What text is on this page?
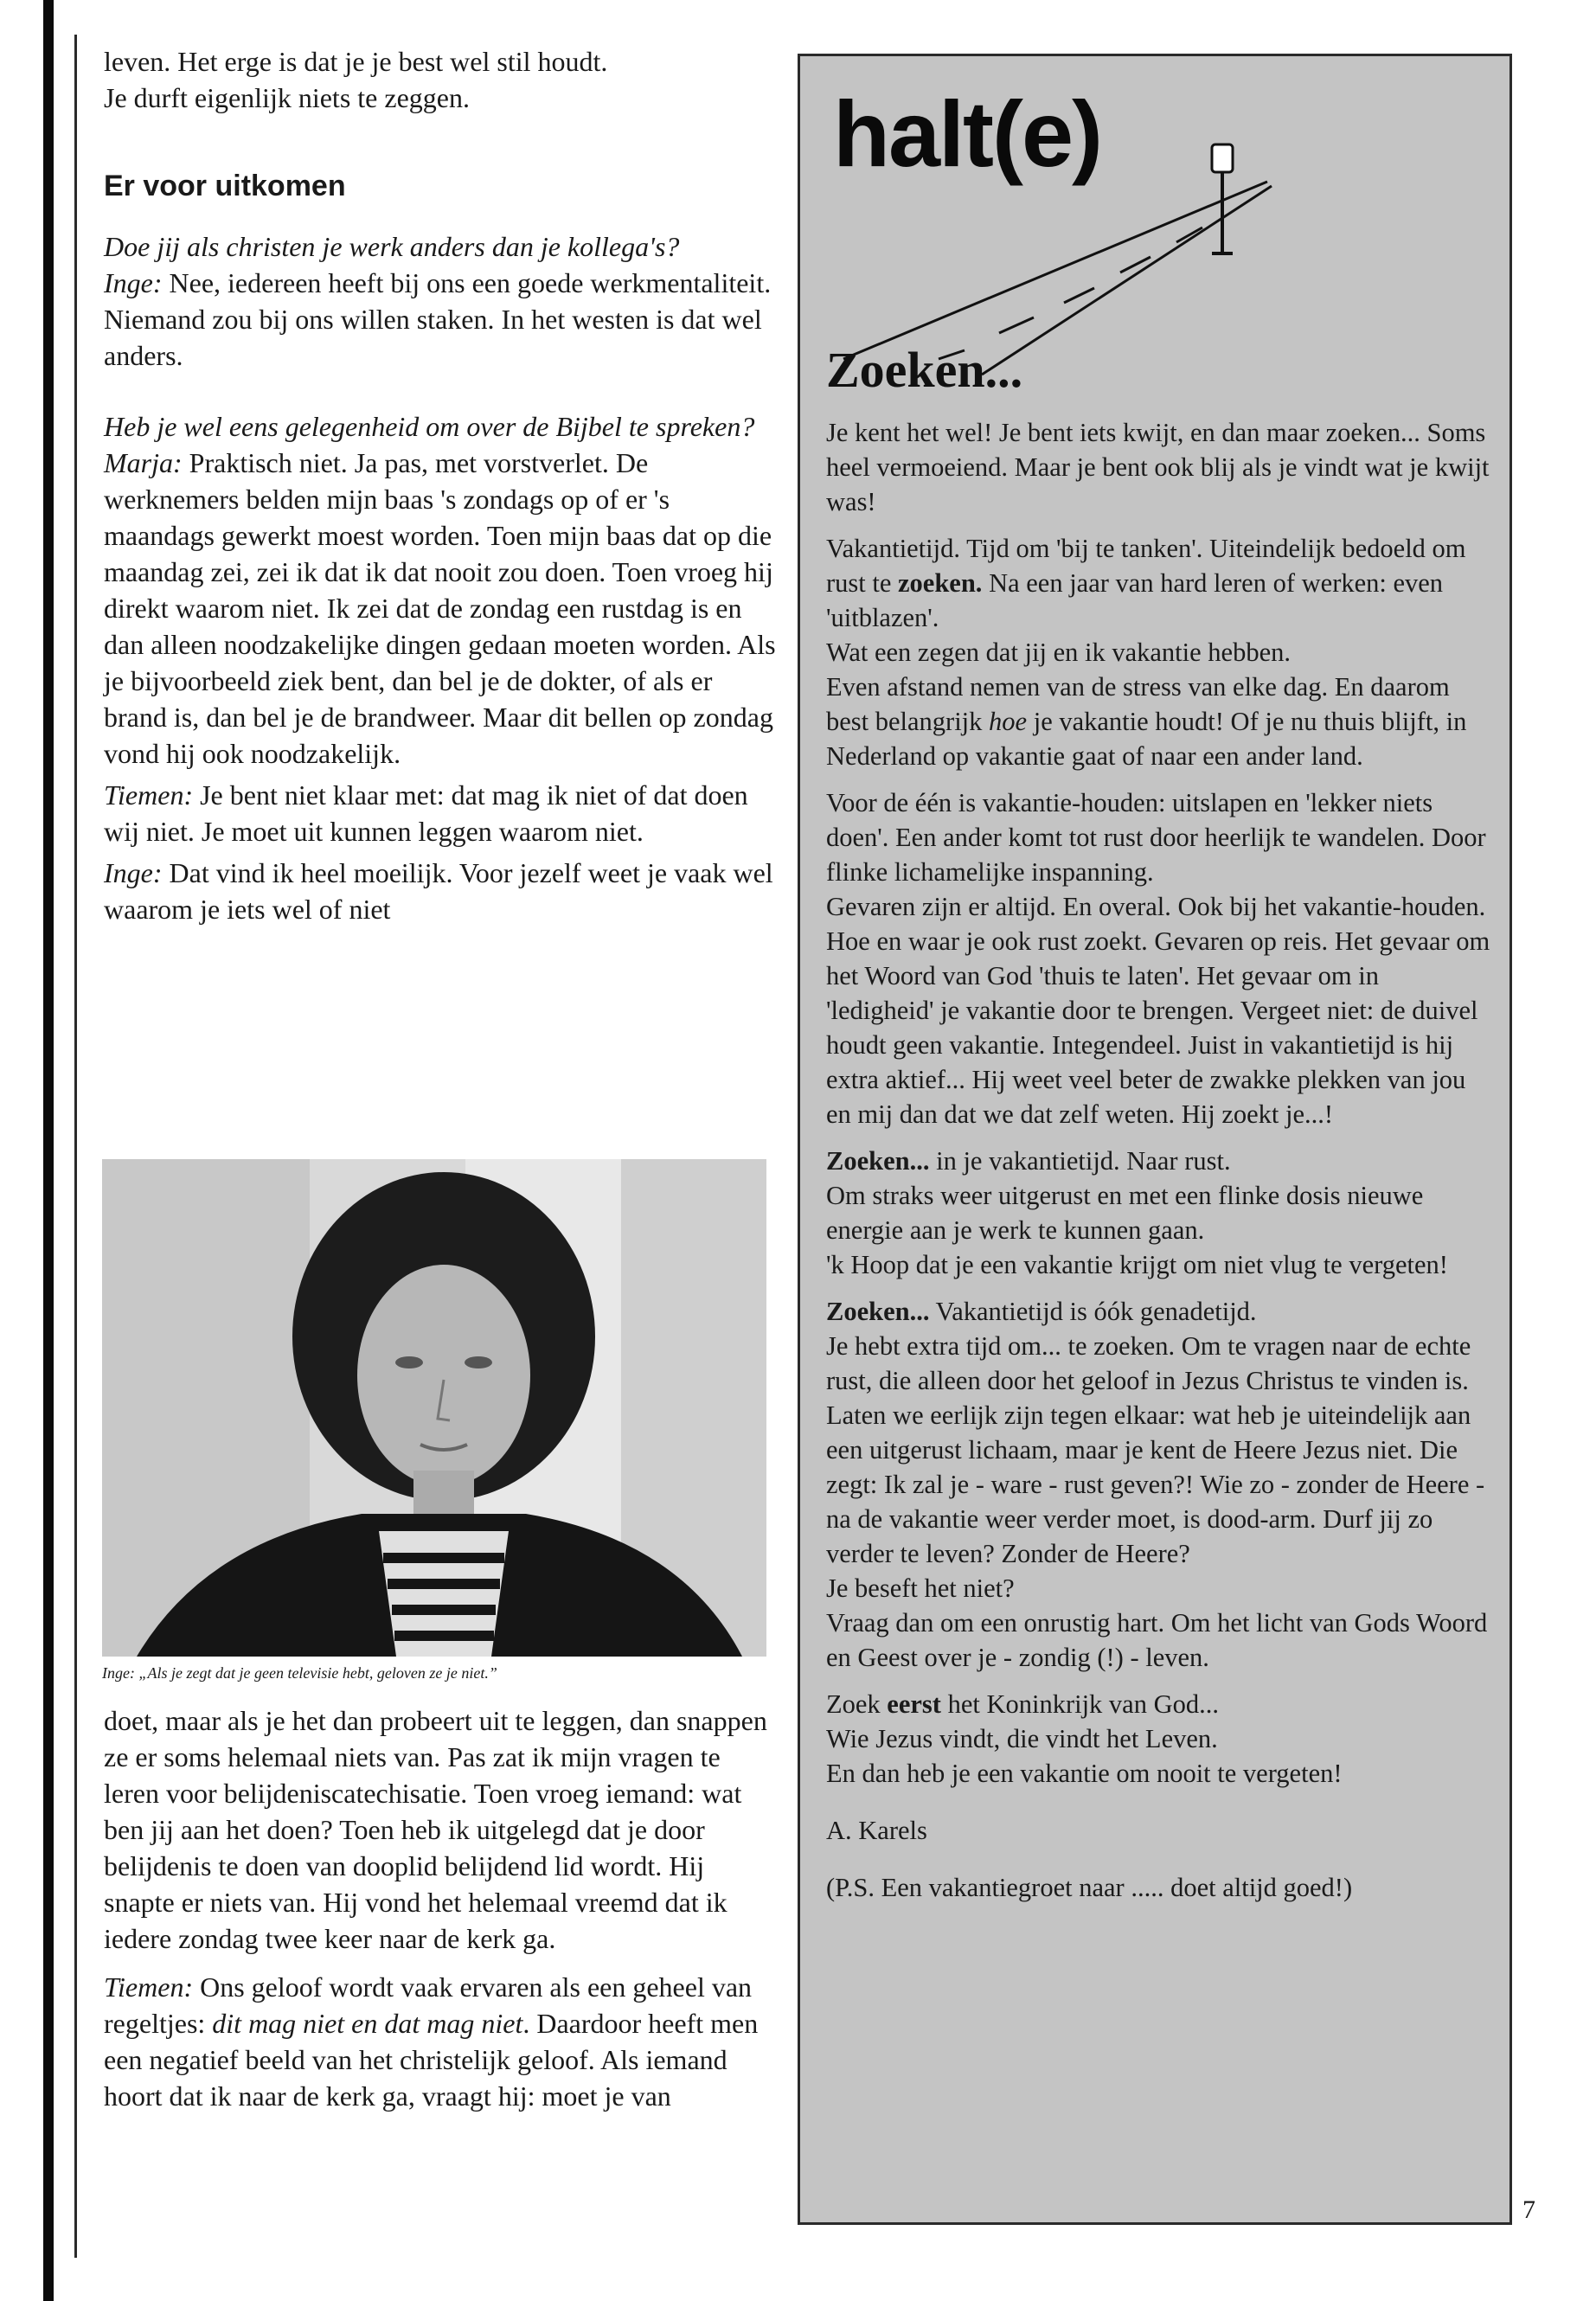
leven. Het erge is dat je je best wel stil houdt.

Je durft eigenlijk niets te zeggen.

Er voor uitkomen

Doe jij als christen je werk anders dan je kollega's?

Inge: Nee, iedereen heeft bij ons een goede werkmentaliteit. Niemand zou bij ons willen staken. In het westen is dat wel anders.

Heb je wel eens gelegenheid om over de Bijbel te spreken?

Marja: Praktisch niet. Ja pas, met vorstverlet. De werknemers belden mijn baas 's zondags op of er 's maandags gewerkt moest worden. Toen mijn baas dat op die maandag zei, zei ik dat ik dat nooit zou doen. Toen vroeg hij direkt waarom niet. Ik zei dat de zondag een rustdag is en dan alleen noodzakelijke dingen gedaan moeten worden. Als je bijvoorbeeld ziek bent, dan bel je de dokter, of als er brand is, dan bel je de brandweer. Maar dit bellen op zondag vond hij ook noodzakelijk.

Tiemen: Je bent niet klaar met: dat mag ik niet of dat doen wij niet. Je moet uit kunnen leggen waarom niet.

Inge: Dat vind ik heel moeilijk. Voor jezelf weet je vaak wel waarom je iets wel of niet

Inge: „Als je zegt dat je geen televisie hebt, geloven ze je niet.”

doet, maar als je het dan probeert uit te leggen, dan snappen ze er soms helemaal niets van. Pas zat ik mijn vragen te leren voor belijdeniscatechisatie. Toen vroeg iemand: wat ben jij aan het doen? Toen heb ik uitgelegd dat je door belijdenis te doen van dooplid belijdend lid wordt. Hij snapte er niets van. Hij vond het helemaal vreemd dat ik iedere zondag twee keer naar de kerk ga.

Tiemen: Ons geloof wordt vaak ervaren als een geheel van regeltjes: dit mag niet en dat mag niet. Daardoor heeft men een negatief beeld van het christelijk geloof. Als iemand hoort dat ik naar de kerk ga, vraagt hij: moet je van

halt(e)
Zoeken...

Je kent het wel! Je bent iets kwijt, en dan maar zoeken... Soms heel vermoeiend. Maar je bent ook blij als je vindt wat je kwijt was!

Vakantietijd. Tijd om 'bij te tanken'. Uiteindelijk bedoeld om rust te zoeken. Na een jaar van hard leren of werken: even 'uitblazen'.

Wat een zegen dat jij en ik vakantie hebben.

Even afstand nemen van de stress van elke dag. En daarom best belangrijk hoe je vakantie houdt! Of je nu thuis blijft, in Nederland op vakantie gaat of naar een ander land.

Voor de één is vakantie-houden: uitslapen en 'lekker niets doen'. Een ander komt tot rust door heerlijk te wandelen. Door flinke lichamelijke inspanning.

Gevaren zijn er altijd. En overal. Ook bij het vakantie-houden. Hoe en waar je ook rust zoekt. Gevaren op reis. Het gevaar om het Woord van God 'thuis te laten'. Het gevaar om in 'ledigheid' je vakantie door te brengen. Vergeet niet: de duivel houdt geen vakantie. Integendeel. Juist in vakantietijd is hij extra aktief... Hij weet veel beter de zwakke plekken van jou en mij dan dat we dat zelf weten. Hij zoekt je...!

Zoeken... in je vakantietijd. Naar rust.

Om straks weer uitgerust en met een flinke dosis nieuwe energie aan je werk te kunnen gaan.

'k Hoop dat je een vakantie krijgt om niet vlug te vergeten!

Zoeken... Vakantietijd is óók genadetijd.

Je hebt extra tijd om... te zoeken. Om te vragen naar de echte rust, die alleen door het geloof in Jezus Christus te vinden is. Laten we eerlijk zijn tegen elkaar: wat heb je uiteindelijk aan een uitgerust lichaam, maar je kent de Heere Jezus niet. Die zegt: Ik zal je - ware - rust geven?! Wie zo - zonder de Heere - na de vakantie weer verder moet, is dood-arm. Durf jij zo verder te leven? Zonder de Heere?

Je beseft het niet?

Vraag dan om een onrustig hart. Om het licht van Gods Woord en Geest over je - zondig (!) - leven.

Zoek eerst het Koninkrijk van God...

Wie Jezus vindt, die vindt het Leven.

En dan heb je een vakantie om nooit te vergeten!

A. Karels

(P.S. Een vakantiegroet naar ..... doet altijd goed!)

7
